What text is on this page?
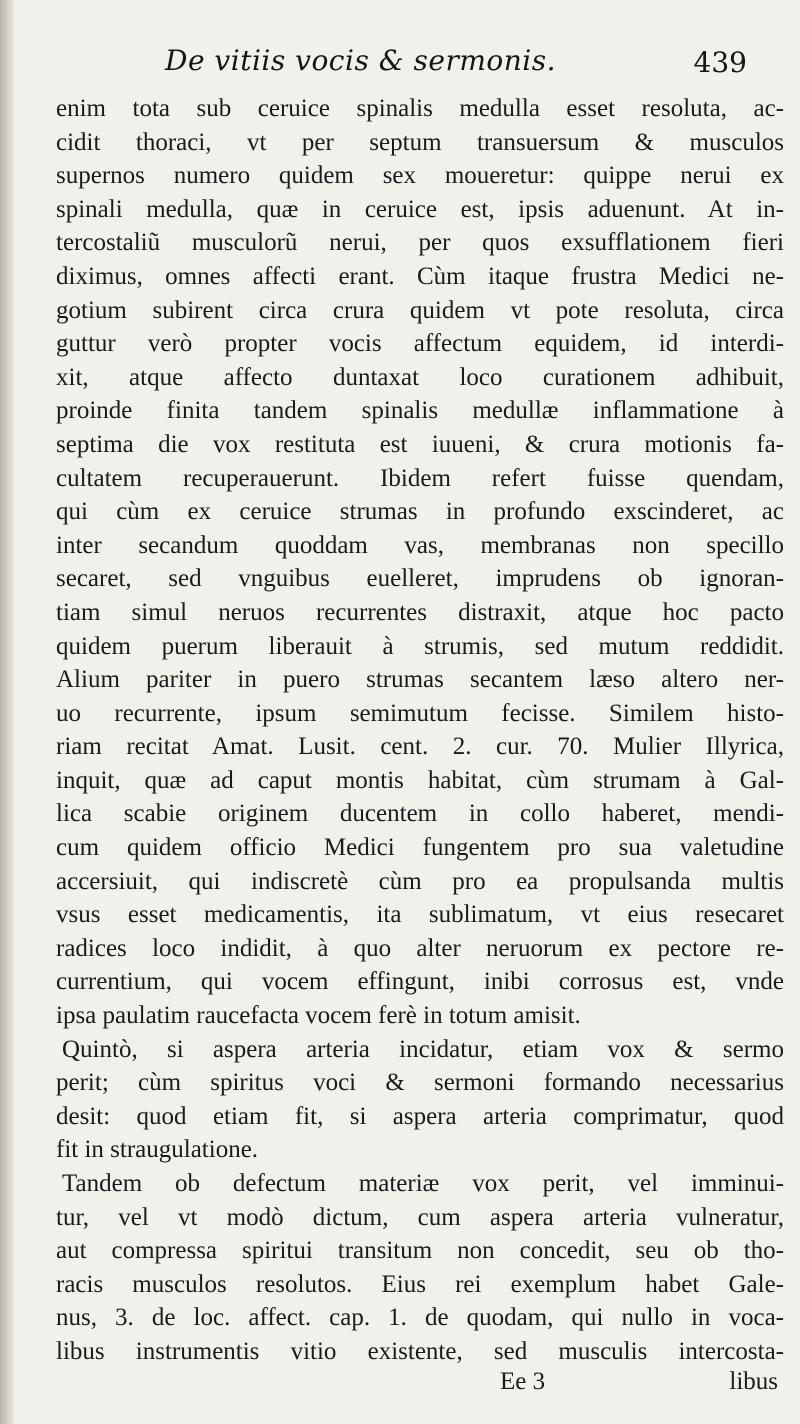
De vitiis vocis & sermonis.	439
enim tota sub ceruice spinalis medulla esset resoluta, ac-
cidit thoraci, vt per septum transuersum & musculos
supernos numero quidem sex moueretur: quippe nerui ex
spinali medulla, quæ in ceruice est, ipsis aduenunt. At in-
tercostaliũ musculorũ nerui, per quos exsufflationem fieri
diximus, omnes affecti erant. Cùm itaque frustra Medici ne-
gotium subirent circa crura quidem vt pote resoluta, circa
guttur verò propter vocis affectum equidem, id interdi-
xit, atque affecto duntaxat loco curationem adhibuit,
proinde finita tandem spinalis medullæ inflammatione à
septima die vox restituta est iuueni, & crura motionis fa-
cultatem recuperauerunt. Ibidem refert fuisse quendam,
qui cùm ex ceruice strumas in profundo exscinderet, ac
inter secandum quoddam vas, membranas non specillo
secaret, sed vnguibus euelleret, imprudens ob ignoran-
tiam simul neruos recurrentes distraxit, atque hoc pacto
quidem puerum liberauit à strumis, sed mutum reddidit.
Alium pariter in puero strumas secantem læso altero ner-
uo recurrente, ipsum semimutum fecisse. Similem histo-
riam recitat Amat. Lusit. cent. 2. cur. 70. Mulier Illyrica,
inquit, quæ ad caput montis habitat, cùm strumam à Gal-
lica scabie originem ducentem in collo haberet, mendi-
cum quidem officio Medici fungentem pro sua valetudine
accersiuit, qui indiscretè cùm pro ea propulsanda multis
vsus esset medicamentis, ita sublimatum, vt eius resecaret
radices loco indidit, à quo alter neruorum ex pectore re-
currentium, qui vocem effingunt, inibi corrosus est, vnde
ipsa paulatim raucefacta vocem ferè in totum amisit.
Quintò, si aspera arteria incidatur, etiam vox & sermo
perit; cùm spiritus voci & sermoni formando necessarius
desit: quod etiam fit, si aspera arteria comprimatur, quod
fit in straugulatione.
Tandem ob defectum materiæ vox perit, vel imminui-
tur, vel vt modò dictum, cum aspera arteria vulneratur,
aut compressa spiritui transitum non concedit, seu ob tho-
racis musculos resolutos. Eius rei exemplum habet Gale-
nus, 3. de loc. affect. cap. 1. de quodam, qui nullo in voca-
libus instrumentis vitio existente, sed musculis intercosta-
Ee 3	libus
